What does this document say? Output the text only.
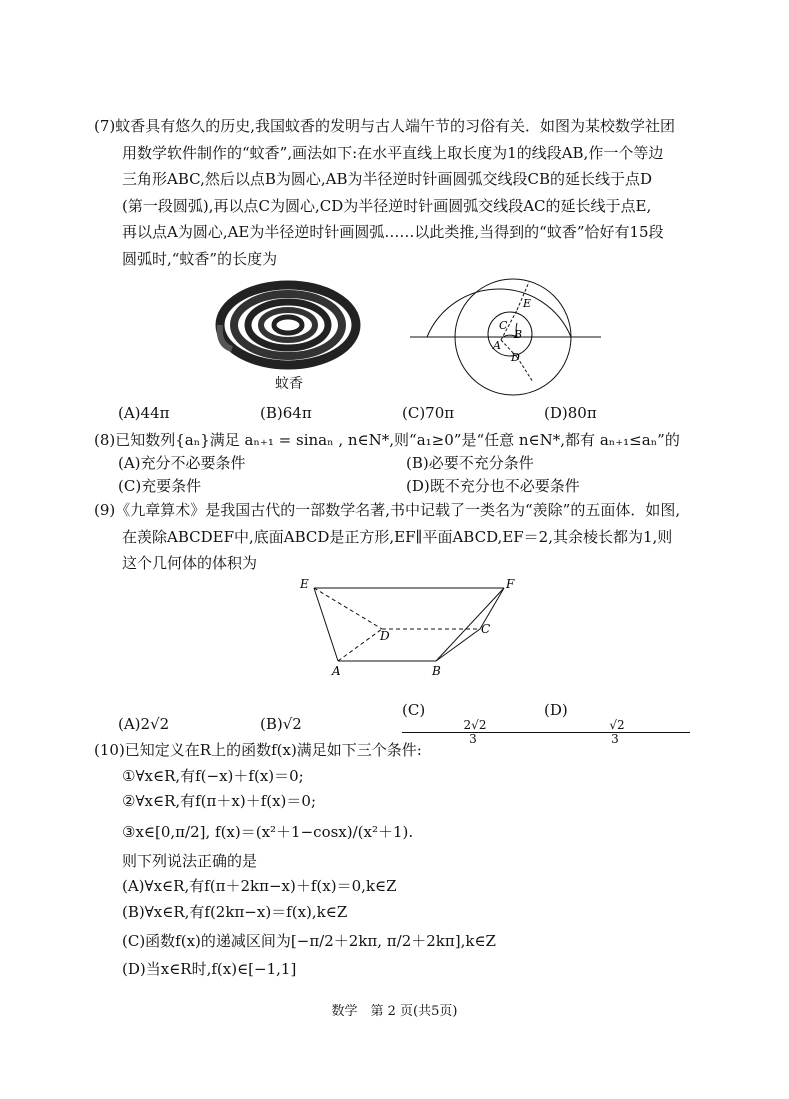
(7)蚊香具有悠久的历史,我国蚊香的发明与古人端午节的习俗有关．如图为某校数学社团

用数学软件制作的“蚊香”,画法如下:在水平直线上取长度为1的线段AB,作一个等边

三角形ABC,然后以点B为圆心,AB为半径逆时针画圆弧交线段CB的延长线于点D

(第一段圆弧),再以点C为圆心,CD为半径逆时针画圆弧交线段AC的延长线于点E,

再以点A为圆心,AE为半径逆时针画圆弧……以此类推,当得到的“蚊香”恰好有15段

圆弧时,“蚊香”的长度为

蚊香
E
C
B
A
D
(A)44π	(B)64π	(C)70π	(D)80π

(8)已知数列{aₙ}满足 aₙ₊₁ = sinaₙ , n∈N*,则“a₁≥0”是“任意 n∈N*,都有 aₙ₊₁≤aₙ”的

(A)充分不必要条件	(B)必要不充分条件
(C)充要条件	(D)既不充分也不必要条件

(9)《九章算术》是我国古代的一部数学名著,书中记载了一类名为“羡除”的五面体．如图,

在羡除ABCDEF中,底面ABCD是正方形,EF∥平面ABCD,EF＝2,其余棱长都为1,则

这个几何体的体积为

E	F
D	C
A	B
(A)2√2	(B)√2
(C)
$\frac{2√2}{3}$
(D)
$\frac{√2}{3}$

(10)已知定义在R上的函数f(x)满足如下三个条件:

①∀x∈R,有f(−x)＋f(x)＝0;

②∀x∈R,有f(π＋x)＋f(x)＝0;

③x∈[0,π/2], f(x)＝(x²＋1−cosx)/(x²＋1).

则下列说法正确的是

(A)∀x∈R,有f(π＋2kπ−x)＋f(x)＝0,k∈Z

(B)∀x∈R,有f(2kπ−x)＝f(x),k∈Z

(C)函数f(x)的递减区间为[−π/2＋2kπ, π/2＋2kπ],k∈Z

(D)当x∈R时,f(x)∈[−1,1]

数学　第 2 页(共5页)
